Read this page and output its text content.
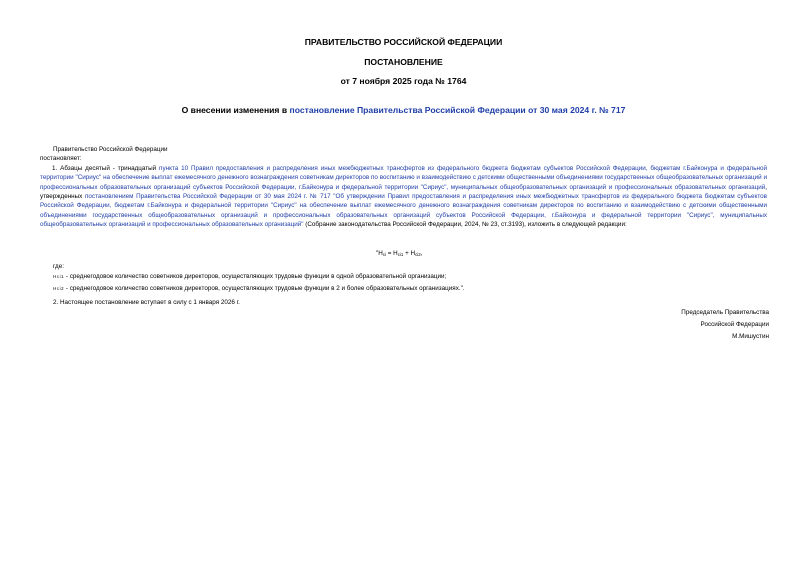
ПРАВИТЕЛЬСТВО РОССИЙСКОЙ ФЕДЕРАЦИИ
ПОСТАНОВЛЕНИЕ
от 7 ноября 2025 года № 1764
О внесении изменения в постановление Правительства Российской Федерации от 30 мая 2024 г. № 717
Правительство Российской Федерации
постановляет:
1. Абзацы десятый - тринадцатый пункта 10 Правил предоставления и распределения иных межбюджетных трансфертов из федерального бюджета бюджетам субъектов Российской Федерации, бюджетам г.Байконура и федеральной территории "Сириус" на обеспечение выплат ежемесячного денежного вознаграждения советникам директоров по воспитанию и взаимодействию с детскими общественными объединениями государственных общеобразовательных организаций и профессиональных образовательных организаций субъектов Российской Федерации, г.Байконура и федеральной территории "Сириус", муниципальных общеобразовательных организаций и профессиональных образовательных организаций, утвержденных постановлением Правительства Российской Федерации от 30 мая 2024 г. № 717 "Об утверждении Правил предоставления и распределения иных межбюджетных трансфертов из федерального бюджета бюджетам субъектов Российской Федерации, бюджетам г.Байконура и федеральной территории "Сириус" на обеспечение выплат ежемесячного денежного вознаграждения советникам директоров по воспитанию и взаимодействию с детскими общественными объединениями государственных общеобразовательных организаций и профессиональных образовательных организаций субъектов Российской Федерации, г.Байконура и федеральной территории "Сириус", муниципальных общеобразовательных организаций и профессиональных образовательных организаций" (Собрание законодательства Российской Федерации, 2024, № 23, ст.3193), изложить в следующей редакции:
"$Н_{сi} = Н_{сi1} + Н_{сi2}$,
где:
Нсi1 - среднегодовое количество советников директоров, осуществляющих трудовые функции в одной образовательной организации;
Нсi2 - среднегодовое количество советников директоров, осуществляющих трудовые функции в 2 и более образовательных организациях.".
2. Настоящее постановление вступает в силу с 1 января 2026 г.
Председатель Правительства
Российской Федерации
М.Мишустин
